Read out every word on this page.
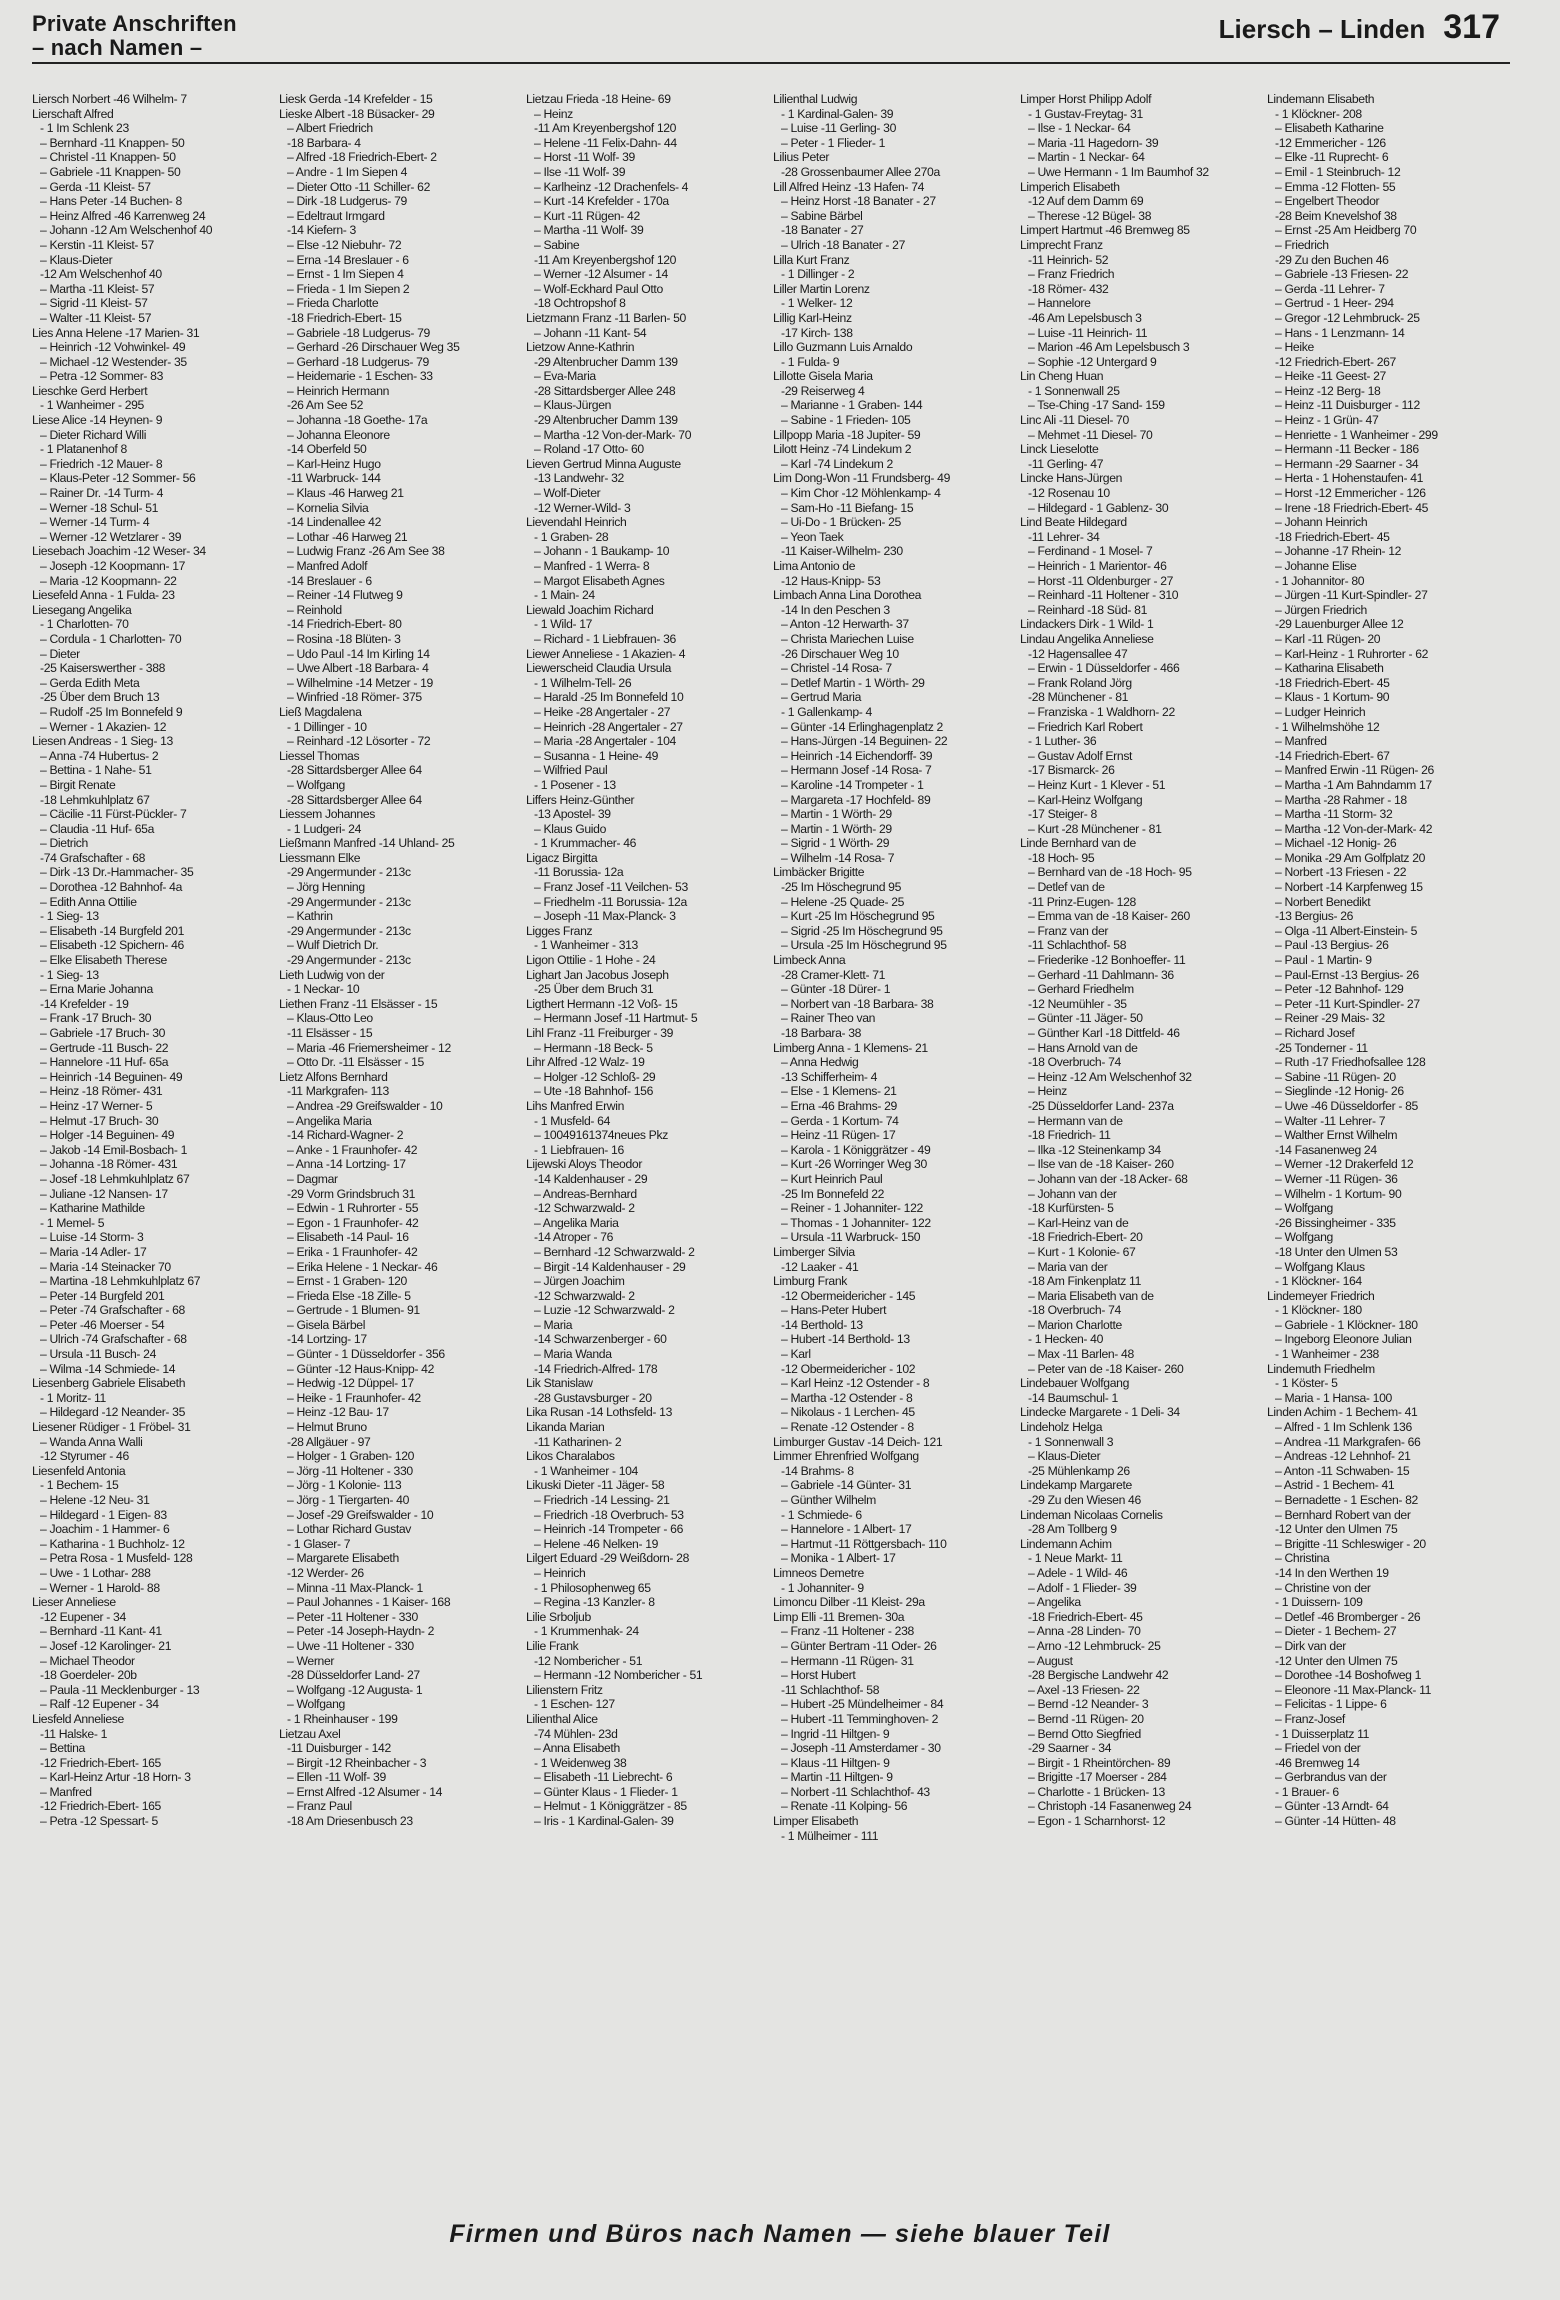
Private Anschriften
– nach Namen –
Liersch – Linden 317
Liersch Norbert -46 Wilhelm- 7
Lierschaft Alfred
- 1 Im Schlenk 23
– Bernhard -11 Knappen- 50
– Christel -11 Knappen- 50
– Gabriele -11 Knappen- 50
– Gerda -11 Kleist- 57
– Hans Peter -14 Buchen- 8
– Heinz Alfred -46 Karrenweg 24
– Johann -12 Am Welschenhof 40
– Kerstin -11 Kleist- 57
– Klaus-Dieter
-12 Am Welschenhof 40
– Martha -11 Kleist- 57
– Sigrid -11 Kleist- 57
– Walter -11 Kleist- 57
Lies Anna Helene -17 Marien- 31
– Heinrich -12 Vohwinkel- 49
– Michael -12 Westender- 35
– Petra -12 Sommer- 83
Lieschke Gerd Herbert
- 1 Wanheimer - 295
Liese Alice -14 Heynen- 9
– Dieter Richard Willi
- 1 Platanenhof 8
– Friedrich -12 Mauer- 8
– Klaus-Peter -12 Sommer- 56
– Rainer Dr. -14 Turm- 4
– Werner -18 Schul- 51
– Werner -14 Turm- 4
– Werner -12 Wetzlarer - 39
Liesebach Joachim -12 Weser- 34
– Joseph -12 Koopmann- 17
– Maria -12 Koopmann- 22
Liesefeld Anna - 1 Fulda- 23
Liesegang Angelika
- 1 Charlotten- 70
– Cordula - 1 Charlotten- 70
– Dieter
-25 Kaiserswerther - 388
– Gerda Edith Meta
-25 Über dem Bruch 13
– Rudolf -25 Im Bonnefeld 9
– Werner - 1 Akazien- 12
Liesen Andreas - 1 Sieg- 13
– Anna -74 Hubertus- 2
– Bettina - 1 Nahe- 51
– Birgit Renate
-18 Lehmkuhlplatz 67
– Cäcilie -11 Fürst-Pückler- 7
– Claudia -11 Huf- 65a
– Dietrich
-74 Grafschafter - 68
– Dirk -13 Dr.-Hammacher- 35
– Dorothea -12 Bahnhof- 4a
– Edith Anna Ottilie
- 1 Sieg- 13
– Elisabeth -14 Burgfeld 201
– Elisabeth -12 Spichern- 46
– Elke Elisabeth Therese
- 1 Sieg- 13
– Erna Marie Johanna
-14 Krefelder - 19
– Frank -17 Bruch- 30
– Gabriele -17 Bruch- 30
– Gertrude -11 Busch- 22
– Hannelore -11 Huf- 65a
– Heinrich -14 Beguinen- 49
– Heinz -18 Römer- 431
– Heinz -17 Werner- 5
– Helmut -17 Bruch- 30
– Holger -14 Beguinen- 49
– Jakob -14 Emil-Bosbach- 1
– Johanna -18 Römer- 431
– Josef -18 Lehmkuhlplatz 67
– Juliane -12 Nansen- 17
– Katharine Mathilde
- 1 Memel- 5
– Luise -14 Storm- 3
– Maria -14 Adler- 17
– Maria -14 Steinacker 70
– Martina -18 Lehmkuhlplatz 67
– Peter -14 Burgfeld 201
– Peter -74 Grafschafter - 68
– Peter -46 Moerser - 54
– Ulrich -74 Grafschafter - 68
– Ursula -11 Busch- 24
– Wilma -14 Schmiede- 14
Liesenberg Gabriele Elisabeth
- 1 Moritz- 11
– Hildegard -12 Neander- 35
Liesener Rüdiger - 1 Fröbel- 31
– Wanda Anna Walli
-12 Styrumer - 46
Liesenfeld Antonia
- 1 Bechem- 15
– Helene -12 Neu- 31
– Hildegard - 1 Eigen- 83
– Joachim - 1 Hammer- 6
– Katharina - 1 Buchholz- 12
– Petra Rosa - 1 Musfeld- 128
– Uwe - 1 Lothar- 288
– Werner - 1 Harold- 88
Lieser Anneliese
-12 Eupener - 34
– Bernhard -11 Kant- 41
– Josef -12 Karolinger- 21
– Michael Theodor
-18 Goerdeler- 20b
– Paula -11 Mecklenburger - 13
– Ralf -12 Eupener - 34
Liesfeld Anneliese
-11 Halske- 1
– Bettina
-12 Friedrich-Ebert- 165
– Karl-Heinz Artur -18 Horn- 3
– Manfred
-12 Friedrich-Ebert- 165
– Petra -12 Spessart- 5
Liesk Gerda -14 Krefelder - 15
Lieske Albert -18 Büsacker- 29
– Albert Friedrich
-18 Barbara- 4
– Alfred -18 Friedrich-Ebert- 2
– Andre - 1 Im Siepen 4
– Dieter Otto -11 Schiller- 62
– Dirk -18 Ludgerus- 79
– Edeltraut Irmgard
-14 Kiefern- 3
– Else -12 Niebuhr- 72
– Erna -14 Breslauer - 6
– Ernst - 1 Im Siepen 4
– Frieda - 1 Im Siepen 2
– Frieda Charlotte
-18 Friedrich-Ebert- 15
– Gabriele -18 Ludgerus- 79
– Gerhard -26 Dirschauer Weg 35
– Gerhard -18 Ludgerus- 79
– Heidemarie - 1 Eschen- 33
– Heinrich Hermann
-26 Am See 52
– Johanna -18 Goethe- 17a
– Johanna Eleonore
-14 Oberfeld 50
– Karl-Heinz Hugo
-11 Warbruck- 144
– Klaus -46 Harweg 21
– Kornelia Silvia
-14 Lindenallee 42
– Lothar -46 Harweg 21
– Ludwig Franz -26 Am See 38
– Manfred Adolf
-14 Breslauer - 6
– Reiner -14 Flutweg 9
– Reinhold
-14 Friedrich-Ebert- 80
– Rosina -18 Blüten- 3
– Udo Paul -14 Im Kirling 14
– Uwe Albert -18 Barbara- 4
– Wilhelmine -14 Metzer - 19
– Winfried -18 Römer- 375
Ließ Magdalena
- 1 Dillinger - 10
– Reinhard -12 Lösorter - 72
Liessel Thomas
-28 Sittardsberger Allee 64
– Wolfgang
-28 Sittardsberger Allee 64
Liessem Johannes
- 1 Ludgeri- 24
Ließmann Manfred -14 Uhland- 25
Liessmann Elke
-29 Angermunder - 213c
– Jörg Henning
-29 Angermunder - 213c
– Kathrin
-29 Angermunder - 213c
– Wulf Dietrich Dr.
-29 Angermunder - 213c
Lieth Ludwig von der
- 1 Neckar- 10
Liethen Franz -11 Elsässer - 15
– Klaus-Otto Leo
-11 Elsässer - 15
– Maria -46 Friemersheimer - 12
– Otto Dr. -11 Elsässer - 15
Lietz Alfons Bernhard
-11 Markgrafen- 113
– Andrea -29 Greifswalder - 10
– Angelika Maria
-14 Richard-Wagner- 2
– Anke - 1 Fraunhofer- 42
– Anna -14 Lortzing- 17
– Dagmar
-29 Vorm Grindsbruch 31
– Edwin - 1 Ruhrorter - 55
– Egon - 1 Fraunhofer- 42
– Elisabeth -14 Paul- 16
– Erika - 1 Fraunhofer- 42
– Erika Helene - 1 Neckar- 46
– Ernst - 1 Graben- 120
– Frieda Else -18 Zille- 5
– Gertrude - 1 Blumen- 91
– Gisela Bärbel
-14 Lortzing- 17
– Günter - 1 Düsseldorfer - 356
– Günter -12 Haus-Knipp- 42
– Hedwig -12 Düppel- 17
– Heike - 1 Fraunhofer- 42
– Heinz -12 Bau- 17
– Helmut Bruno
-28 Allgäuer - 97
– Holger - 1 Graben- 120
– Jörg -11 Holtener - 330
– Jörg - 1 Kolonie- 113
– Jörg - 1 Tiergarten- 40
– Josef -29 Greifswalder - 10
– Lothar Richard Gustav
- 1 Glaser- 7
– Margarete Elisabeth
-12 Werder- 26
– Minna -11 Max-Planck- 1
– Paul Johannes - 1 Kaiser- 168
– Peter -11 Holtener - 330
– Peter -14 Joseph-Haydn- 2
– Uwe -11 Holtener - 330
– Werner
-28 Düsseldorfer Land- 27
– Wolfgang -12 Augusta- 1
– Wolfgang
- 1 Rheinhauser - 199
Lietzau Axel
-11 Duisburger - 142
– Birgit -12 Rheinbacher - 3
– Ellen -11 Wolf- 39
– Ernst Alfred -12 Alsumer - 14
– Franz Paul
-18 Am Driesenbusch 23
Lietzau Frieda -18 Heine- 69
– Heinz
-11 Am Kreyenbergshof 120
– Helene -11 Felix-Dahn- 44
– Horst -11 Wolf- 39
– Ilse -11 Wolf- 39
– Karlheinz -12 Drachenfels- 4
– Kurt -14 Krefelder - 170a
– Kurt -11 Rügen- 42
– Martha -11 Wolf- 39
– Sabine
-11 Am Kreyenbergshof 120
– Werner -12 Alsumer - 14
– Wolf-Eckhard Paul Otto
-18 Ochtropshof 8
Lietzmann Franz -11 Barlen- 50
– Johann -11 Kant- 54
Lietzow Anne-Kathrin
-29 Altenbrucher Damm 139
– Eva-Maria
-28 Sittardsberger Allee 248
– Klaus-Jürgen
-29 Altenbrucher Damm 139
– Martha -12 Von-der-Mark- 70
– Roland -17 Otto- 60
Lieven Gertrud Minna Auguste
-13 Landwehr- 32
– Wolf-Dieter
-12 Werner-Wild- 3
Lievendahl Heinrich
- 1 Graben- 28
– Johann - 1 Baukamp- 10
– Manfred - 1 Werra- 8
– Margot Elisabeth Agnes
- 1 Main- 24
Liewald Joachim Richard
- 1 Wild- 17
– Richard - 1 Liebfrauen- 36
Liewer Anneliese - 1 Akazien- 4
Liewerscheid Claudia Ursula
- 1 Wilhelm-Tell- 26
– Harald -25 Im Bonnefeld 10
– Heike -28 Angertaler - 27
– Heinrich -28 Angertaler - 27
– Maria -28 Angertaler - 104
– Susanna - 1 Heine- 49
– Wilfried Paul
- 1 Posener - 13
Liffers Heinz-Günther
-13 Apostel- 39
– Klaus Guido
- 1 Krummacher- 46
Ligacz Birgitta
-11 Borussia- 12a
– Franz Josef -11 Veilchen- 53
– Friedhelm -11 Borussia- 12a
– Joseph -11 Max-Planck- 3
Ligges Franz
- 1 Wanheimer - 313
Ligon Ottilie - 1 Hohe - 24
Lighart Jan Jacobus Joseph
-25 Über dem Bruch 31
Ligthert Hermann -12 Voß- 15
– Hermann Josef -11 Hartmut- 5
Lihl Franz -11 Freiburger - 39
– Hermann -18 Beck- 5
Lihr Alfred -12 Walz- 19
– Holger -12 Schloß- 29
– Ute -18 Bahnhof- 156
Lihs Manfred Erwin
- 1 Musfeld- 64
– 10049161374neues Pkz
- 1 Liebfrauen- 16
Lijewski Aloys Theodor
-14 Kaldenhauser - 29
– Andreas-Bernhard
-12 Schwarzwald- 2
– Angelika Maria
-14 Atroper - 76
– Bernhard -12 Schwarzwald- 2
– Birgit -14 Kaldenhauser - 29
– Jürgen Joachim
-12 Schwarzwald- 2
– Luzie -12 Schwarzwald- 2
– Maria
-14 Schwarzenberger - 60
– Maria Wanda
-14 Friedrich-Alfred- 178
Lik Stanislaw
-28 Gustavsburger - 20
Lika Rusan -14 Lothsfeld- 13
Likanda Marian
-11 Katharinen- 2
Likos Charalabos
- 1 Wanheimer - 104
Likuski Dieter -11 Jäger- 58
– Friedrich -14 Lessing- 21
– Friedrich -18 Overbruch- 53
– Heinrich -14 Trompeter - 66
– Helene -46 Nelken- 19
Lilgert Eduard -29 Weißdorn- 28
– Heinrich
- 1 Philosophenweg 65
– Regina -13 Kanzler- 8
Lilie Srboljub
- 1 Krummenhak- 24
Lilie Frank
-12 Nombericher - 51
– Hermann -12 Nombericher - 51
Lilienstern Fritz
- 1 Eschen- 127
Lilienthal Alice
-74 Mühlen- 23d
– Anna Elisabeth
- 1 Weidenweg 38
– Elisabeth -11 Liebrecht- 6
– Günter Klaus - 1 Flieder- 1
– Helmut - 1 Königgrätzer - 85
– Iris - 1 Kardinal-Galen- 39
Lilienthal Ludwig
- 1 Kardinal-Galen- 39
– Luise -11 Gerling- 30
– Peter - 1 Flieder- 1
Lilius Peter
-28 Grossenbaumer Allee 270a
Lill Alfred Heinz -13 Hafen- 74
– Heinz Horst -18 Banater - 27
– Sabine Bärbel
-18 Banater - 27
– Ulrich -18 Banater - 27
Lilla Kurt Franz
- 1 Dillinger - 2
Liller Martin Lorenz
- 1 Welker- 12
Lillig Karl-Heinz
-17 Kirch- 138
Lillo Guzmann Luis Arnaldo
- 1 Fulda- 9
Lillotte Gisela Maria
-29 Reiserweg 4
– Marianne - 1 Graben- 144
– Sabine - 1 Frieden- 105
Lillpopp Maria -18 Jupiter- 59
Lilott Heinz -74 Lindekum 2
– Karl -74 Lindekum 2
Lim Dong-Won -11 Frundsberg- 49
– Kim Chor -12 Möhlenkamp- 4
– Sam-Ho -11 Biefang- 15
– Ui-Do - 1 Brücken- 25
– Yeon Taek
-11 Kaiser-Wilhelm- 230
Lima Antonio de
-12 Haus-Knipp- 53
Limbach Anna Lina Dorothea
-14 In den Peschen 3
– Anton -12 Herwarth- 37
– Christa Mariechen Luise
-26 Dirschauer Weg 10
– Christel -14 Rosa- 7
– Detlef Martin - 1 Wörth- 29
– Gertrud Maria
- 1 Gallenkamp- 4
– Günter -14 Erlinghagenplatz 2
– Hans-Jürgen -14 Beguinen- 22
– Heinrich -14 Eichendorff- 39
– Hermann Josef -14 Rosa- 7
– Karoline -14 Trompeter - 1
– Margareta -17 Hochfeld- 89
– Martin - 1 Wörth- 29
– Martin - 1 Wörth- 29
– Sigrid - 1 Wörth- 29
– Wilhelm -14 Rosa- 7
Limbäcker Brigitte
-25 Im Höschegrund 95
– Helene -25 Quade- 25
– Kurt -25 Im Höschegrund 95
– Sigrid -25 Im Höschegrund 95
– Ursula -25 Im Höschegrund 95
Limbeck Anna
-28 Cramer-Klett- 71
– Günter -18 Dürer- 1
– Norbert van -18 Barbara- 38
– Rainer Theo van
-18 Barbara- 38
Limberg Anna - 1 Klemens- 21
– Anna Hedwig
-13 Schifferheim- 4
– Else - 1 Klemens- 21
– Erna -46 Brahms- 29
– Gerda - 1 Kortum- 74
– Heinz -11 Rügen- 17
– Karola - 1 Königgrätzer - 49
– Kurt -26 Worringer Weg 30
– Kurt Heinrich Paul
-25 Im Bonnefeld 22
– Reiner - 1 Johanniter- 122
– Thomas - 1 Johanniter- 122
– Ursula -11 Warbruck- 150
Limberger Silvia
-12 Laaker - 41
Limburg Frank
-12 Obermeidericher - 145
– Hans-Peter Hubert
-14 Berthold- 13
– Hubert -14 Berthold- 13
– Karl
-12 Obermeidericher - 102
– Karl Heinz -12 Ostender - 8
– Martha -12 Ostender - 8
– Nikolaus - 1 Lerchen- 45
– Renate -12 Ostender - 8
Limburger Gustav -14 Deich- 121
Limmer Ehrenfried Wolfgang
-14 Brahms- 8
– Gabriele -14 Günter- 31
– Günther Wilhelm
- 1 Schmiede- 6
– Hannelore - 1 Albert- 17
– Hartmut -11 Röttgersbach- 110
– Monika - 1 Albert- 17
Limneos Demetre
- 1 Johanniter- 9
Limoncu Dilber -11 Kleist- 29a
Limp Elli -11 Bremen- 30a
– Franz -11 Holtener - 238
– Günter Bertram -11 Oder- 26
– Hermann -11 Rügen- 31
– Horst Hubert
-11 Schlachthof- 58
– Hubert -25 Mündelheimer - 84
– Hubert -11 Temminghoven- 2
– Ingrid -11 Hiltgen- 9
– Joseph -11 Amsterdamer - 30
– Klaus -11 Hiltgen- 9
– Martin -11 Hiltgen- 9
– Norbert -11 Schlachthof- 43
– Renate -11 Kolping- 56
Limper Elisabeth
- 1 Mülheimer - 111
Limper Horst Philipp Adolf
- 1 Gustav-Freytag- 31
– Ilse - 1 Neckar- 64
– Maria -11 Hagedorn- 39
– Martin - 1 Neckar- 64
– Uwe Hermann - 1 Im Baumhof 32
Limperich Elisabeth
-12 Auf dem Damm 69
– Therese -12 Bügel- 38
Limpert Hartmut -46 Bremweg 85
Limprecht Franz
-11 Heinrich- 52
– Franz Friedrich
-18 Römer- 432
– Hannelore
-46 Am Lepelsbusch 3
– Luise -11 Heinrich- 11
– Marion -46 Am Lepelsbusch 3
– Sophie -12 Untergard 9
Lin Cheng Huan
- 1 Sonnenwall 25
– Tse-Ching -17 Sand- 159
Linc Ali -11 Diesel- 70
– Mehmet -11 Diesel- 70
Linck Lieselotte
-11 Gerling- 47
Lincke Hans-Jürgen
-12 Rosenau 10
– Hildegard - 1 Gablenz- 30
Lind Beate Hildegard
-11 Lehrer- 34
– Ferdinand - 1 Mosel- 7
– Heinrich - 1 Marientor- 46
– Horst -11 Oldenburger - 27
– Reinhard -11 Holtener - 310
– Reinhard -18 Süd- 81
Lindackers Dirk - 1 Wild- 1
Lindau Angelika Anneliese
-12 Hagensallee 47
– Erwin - 1 Düsseldorfer - 466
– Frank Roland Jörg
-28 Münchener - 81
– Franziska - 1 Waldhorn- 22
– Friedrich Karl Robert
- 1 Luther- 36
– Gustav Adolf Ernst
-17 Bismarck- 26
– Heinz Kurt - 1 Klever - 51
– Karl-Heinz Wolfgang
-17 Steiger- 8
– Kurt -28 Münchener - 81
Linde Bernhard van de
-18 Hoch- 95
– Bernhard van de -18 Hoch- 95
– Detlef van de
-11 Prinz-Eugen- 128
– Emma van de -18 Kaiser- 260
– Franz van der
-11 Schlachthof- 58
– Friederike -12 Bonhoeffer- 11
– Gerhard -11 Dahlmann- 36
– Gerhard Friedhelm
-12 Neumühler - 35
– Günter -11 Jäger- 50
– Günther Karl -18 Dittfeld- 46
– Hans Arnold van de
-18 Overbruch- 74
– Heinz -12 Am Welschenhof 32
– Heinz
-25 Düsseldorfer Land- 237a
– Hermann van de
-18 Friedrich- 11
– Ilka -12 Steinenkamp 34
– Ilse van de -18 Kaiser- 260
– Johann van der -18 Acker- 68
– Johann van der
-18 Kurfürsten- 5
– Karl-Heinz van de
-18 Friedrich-Ebert- 20
– Kurt - 1 Kolonie- 67
– Maria van der
-18 Am Finkenplatz 11
– Maria Elisabeth van de
-18 Overbruch- 74
– Marion Charlotte
- 1 Hecken- 40
– Max -11 Barlen- 48
– Peter van de -18 Kaiser- 260
Lindebauer Wolfgang
-14 Baumschul- 1
Lindecke Margarete - 1 Deli- 34
Lindeholz Helga
- 1 Sonnenwall 3
– Klaus-Dieter
-25 Mühlenkamp 26
Lindekamp Margarete
-29 Zu den Wiesen 46
Lindeman Nicolaas Cornelis
-28 Am Tollberg 9
Lindemann Achim
- 1 Neue Markt- 11
– Adele - 1 Wild- 46
– Adolf - 1 Flieder- 39
– Angelika
-18 Friedrich-Ebert- 45
– Anna -28 Linden- 70
– Arno -12 Lehmbruck- 25
– August
-28 Bergische Landwehr 42
– Axel -13 Friesen- 22
– Bernd -12 Neander- 3
– Bernd -11 Rügen- 20
– Bernd Otto Siegfried
-29 Saarner - 34
– Birgit - 1 Rheintörchen- 89
– Brigitte -17 Moerser - 284
– Charlotte - 1 Brücken- 13
– Christoph -14 Fasanenweg 24
– Egon - 1 Scharnhorst- 12
Lindemann Elisabeth
- 1 Klöckner- 208
– Elisabeth Katharine
-12 Emmericher - 126
– Elke -11 Ruprecht- 6
– Emil - 1 Steinbruch- 12
– Emma -12 Flotten- 55
– Engelbert Theodor
-28 Beim Knevelshof 38
– Ernst -25 Am Heidberg 70
– Friedrich
-29 Zu den Buchen 46
– Gabriele -13 Friesen- 22
– Gerda -11 Lehrer- 7
– Gertrud - 1 Heer- 294
– Gregor -12 Lehmbruck- 25
– Hans - 1 Lenzmann- 14
– Heike
-12 Friedrich-Ebert- 267
– Heike -11 Geest- 27
– Heinz -12 Berg- 18
– Heinz -11 Duisburger - 112
– Heinz - 1 Grün- 47
– Henriette - 1 Wanheimer - 299
– Hermann -11 Becker - 186
– Hermann -29 Saarner - 34
– Herta - 1 Hohenstaufen- 41
– Horst -12 Emmericher - 126
– Irene -18 Friedrich-Ebert- 45
– Johann Heinrich
-18 Friedrich-Ebert- 45
– Johanne -17 Rhein- 12
– Johanne Elise
- 1 Johannitor- 80
– Jürgen -11 Kurt-Spindler- 27
– Jürgen Friedrich
-29 Lauenburger Allee 12
– Karl -11 Rügen- 20
– Karl-Heinz - 1 Ruhrorter - 62
– Katharina Elisabeth
-18 Friedrich-Ebert- 45
– Klaus - 1 Kortum- 90
– Ludger Heinrich
- 1 Wilhelmshöhe 12
– Manfred
-14 Friedrich-Ebert- 67
– Manfred Erwin -11 Rügen- 26
– Martha -1 Am Bahndamm 17
– Martha -28 Rahmer - 18
– Martha -11 Storm- 32
– Martha -12 Von-der-Mark- 42
– Michael -12 Honig- 26
– Monika -29 Am Golfplatz 20
– Norbert -13 Friesen - 22
– Norbert -14 Karpfenweg 15
– Norbert Benedikt
-13 Bergius- 26
– Olga -11 Albert-Einstein- 5
– Paul -13 Bergius- 26
– Paul - 1 Martin- 9
– Paul-Ernst -13 Bergius- 26
– Peter -12 Bahnhof- 129
– Peter -11 Kurt-Spindler- 27
– Reiner -29 Mais- 32
– Richard Josef
-25 Tonderner - 11
– Ruth -17 Friedhofsallee 128
– Sabine -11 Rügen- 20
– Sieglinde -12 Honig- 26
– Uwe -46 Düsseldorfer - 85
– Walter -11 Lehrer- 7
– Walther Ernst Wilhelm
-14 Fasanenweg 24
– Werner -12 Drakerfeld 12
– Werner -11 Rügen- 36
– Wilhelm - 1 Kortum- 90
– Wolfgang
-26 Bissingheimer - 335
– Wolfgang
-18 Unter den Ulmen 53
– Wolfgang Klaus
- 1 Klöckner- 164
Lindemeyer Friedrich
- 1 Klöckner- 180
– Gabriele - 1 Klöckner- 180
– Ingeborg Eleonore Julian
- 1 Wanheimer - 238
Lindemuth Friedhelm
- 1 Köster- 5
– Maria - 1 Hansa- 100
Linden Achim - 1 Bechem- 41
– Alfred - 1 Im Schlenk 136
– Andrea -11 Markgrafen- 66
– Andreas -12 Lehnhof- 21
– Anton -11 Schwaben- 15
– Astrid - 1 Bechem- 41
– Bernadette - 1 Eschen- 82
– Bernhard Robert van der
-12 Unter den Ulmen 75
– Brigitte -11 Schleswiger - 20
– Christina
-14 In den Werthen 19
– Christine von der
- 1 Duissern- 109
– Detlef -46 Bromberger - 26
– Dieter - 1 Bechem- 27
– Dirk van der
-12 Unter den Ulmen 75
– Dorothee -14 Boshofweg 1
– Eleonore -11 Max-Planck- 11
– Felicitas - 1 Lippe- 6
– Franz-Josef
- 1 Duisserplatz 11
– Friedel von der
-46 Bremweg 14
– Gerbrandus van der
- 1 Brauer- 6
– Günter -13 Arndt- 64
– Günter -14 Hütten- 48
Firmen und Büros nach Namen — siehe blauer Teil
